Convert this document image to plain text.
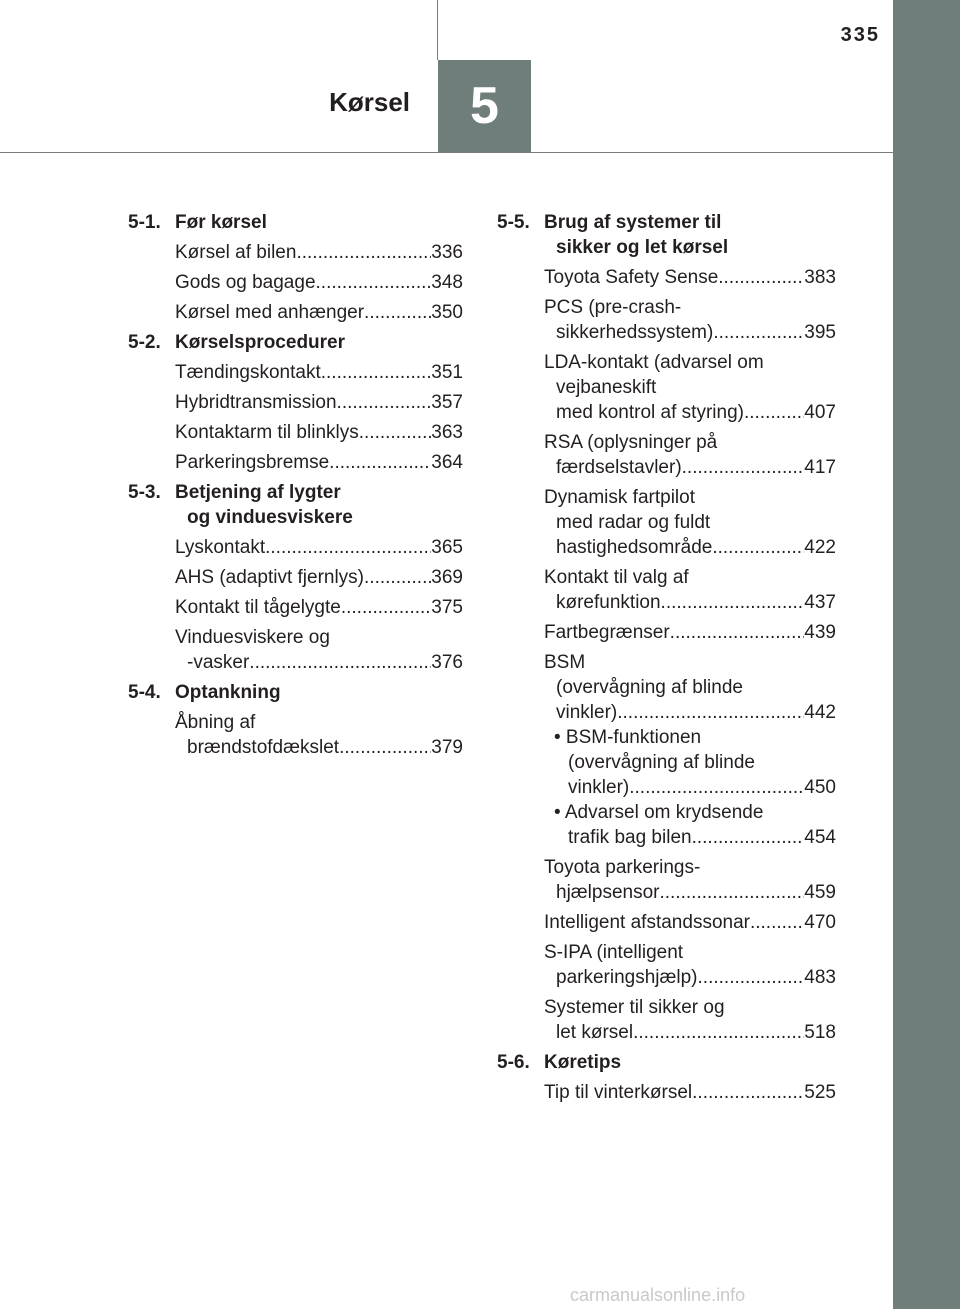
335
Kørsel	5
5-1. Før kørsel
Kørsel af bilen .....	336
Gods og bagage .....	348
Kørsel med anhænger .....	350
5-2. Kørselsprocedurer
Tændingskontakt .....	351
Hybridtransmission .....	357
Kontaktarm til blinklys .....	363
Parkeringsbremse .....	364
5-3. Betjening af lygter
og vinduesviskere
Lyskontakt .....	365
AHS (adaptivt fjernlys) .....	369
Kontakt til tågelygte .....	375
Vinduesviskere og
-vasker .....	376
5-4. Optankning
Åbning af
brændstofdækslet .....	379
5-5. Brug af systemer til
sikker og let kørsel
Toyota Safety Sense .....	383
PCS (pre-crash-
sikkerhedssystem) .....	395
LDA-kontakt (advarsel om
vejbaneskift
med kontrol af styring) .....	407
RSA (oplysninger på
færdselstavler) .....	417
Dynamisk fartpilot
med radar og fuldt
hastighedsområde .....	422
Kontakt til valg af
kørefunktion .....	437
Fartbegrænser .....	439
BSM
(overvågning af blinde
vinkler) .....	442
• BSM-funktionen
(overvågning af blinde
vinkler) .....	450
• Advarsel om krydsende
trafik bag bilen .....	454
Toyota parkerings-
hjælpsensor .....	459
Intelligent afstandssonar .....	470
S-IPA (intelligent
parkeringshjælp) .....	483
Systemer til sikker og
let kørsel .....	518
5-6. Køretips
Tip til vinterkørsel .....	525
carmanualsonline.info
